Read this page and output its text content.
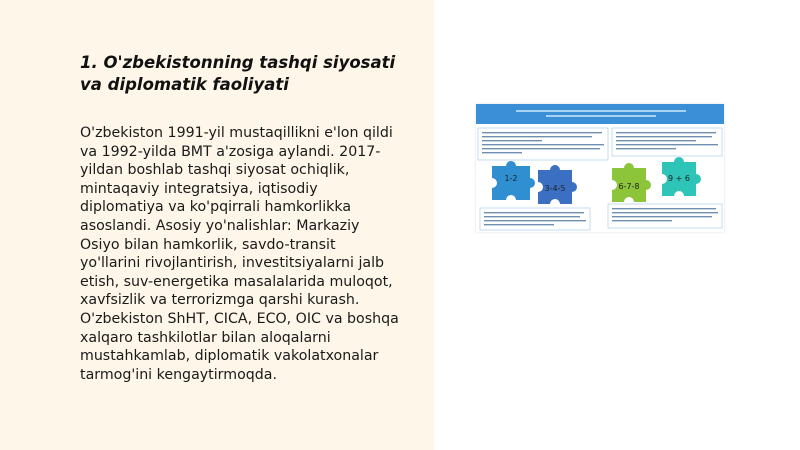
1. O'zbekistonning tashqi siyosati va diplomatik faoliyati

O'zbekiston 1991-yil mustaqillikni e'lon qildi va 1992-yilda BMT a'zosiga aylandi. 2017-yildan boshlab tashqi siyosat ochiqlik, mintaqaviy integratsiya, iqtisodiy diplomatiya va ko'pqirrali hamkorlikka asoslandi. Asosiy yo'nalishlar: Markaziy Osiyo bilan hamkorlik, savdo-transit yo'llarini rivojlantirish, investitsiyalarni jalb etish, suv-energetika masalalarida muloqot, xavfsizlik va terrorizmga qarshi kurash. O'zbekiston ShHT, CICA, ECO, OIC va boshqa xalqaro tashkilotlar bilan aloqalarni mustahkamlab, diplomatik vakolatxonalar tarmog'ini kengaytirmoqda.

1-2
3-4-5	6-7-8
9 + 6
